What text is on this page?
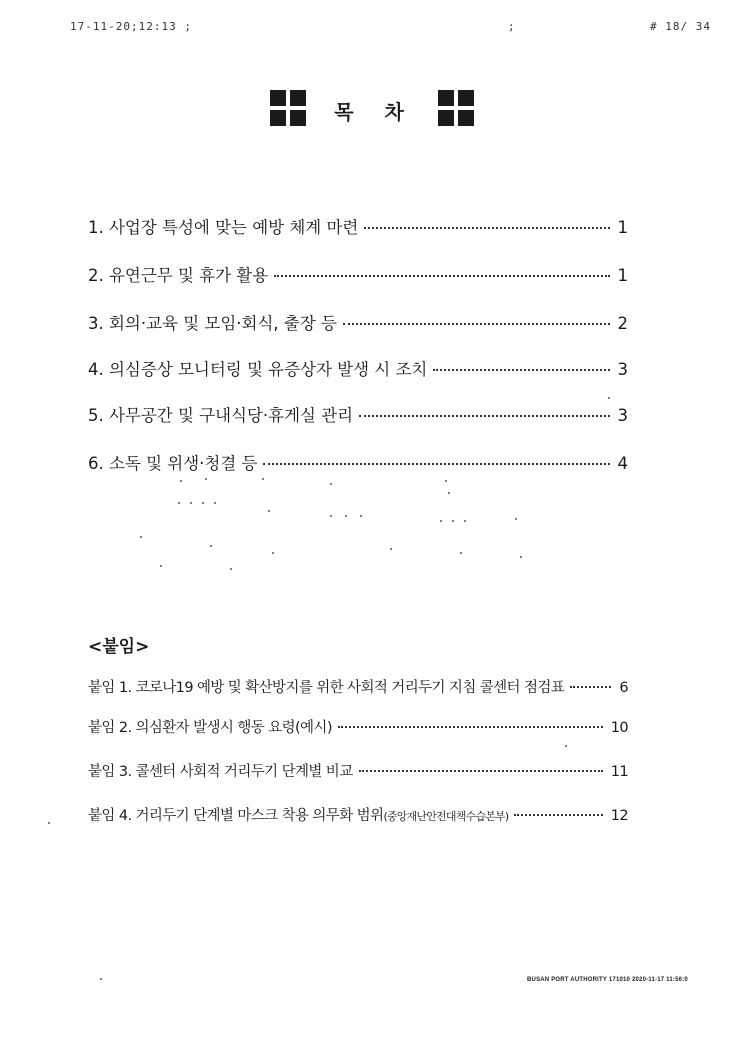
17-11-20;12:13 ;	;	# 18/ 34
목 차
1. 사업장 특성에 맞는 예방 체계 마련	1
2. 유연근무 및 휴가 활용	1
3. 회의·교육 및 모임·회식, 출장 등	2
4. 의심증상 모니터링 및 유증상자 발생 시 조치	3
5. 사무공간 및 구내식당·휴게실 관리	3
6. 소독 및 위생·청결 등	4
<붙임>
붙임 1. 코로나19 예방 및 확산방지를 위한 사회적 거리두기 지침 콜센터 점검표	6
붙임 2. 의심환자 발생시 행동 요령(예시)	10
붙임 3. 콜센터 사회적 거리두기 단계별 비교	11
붙임 4. 거리두기 단계별 마스크 착용 의무화 범위 (중앙재난안전대책수습본부)	12
BUSAN PORT AUTHORITY 171010 2020-11-17 11:56:0
